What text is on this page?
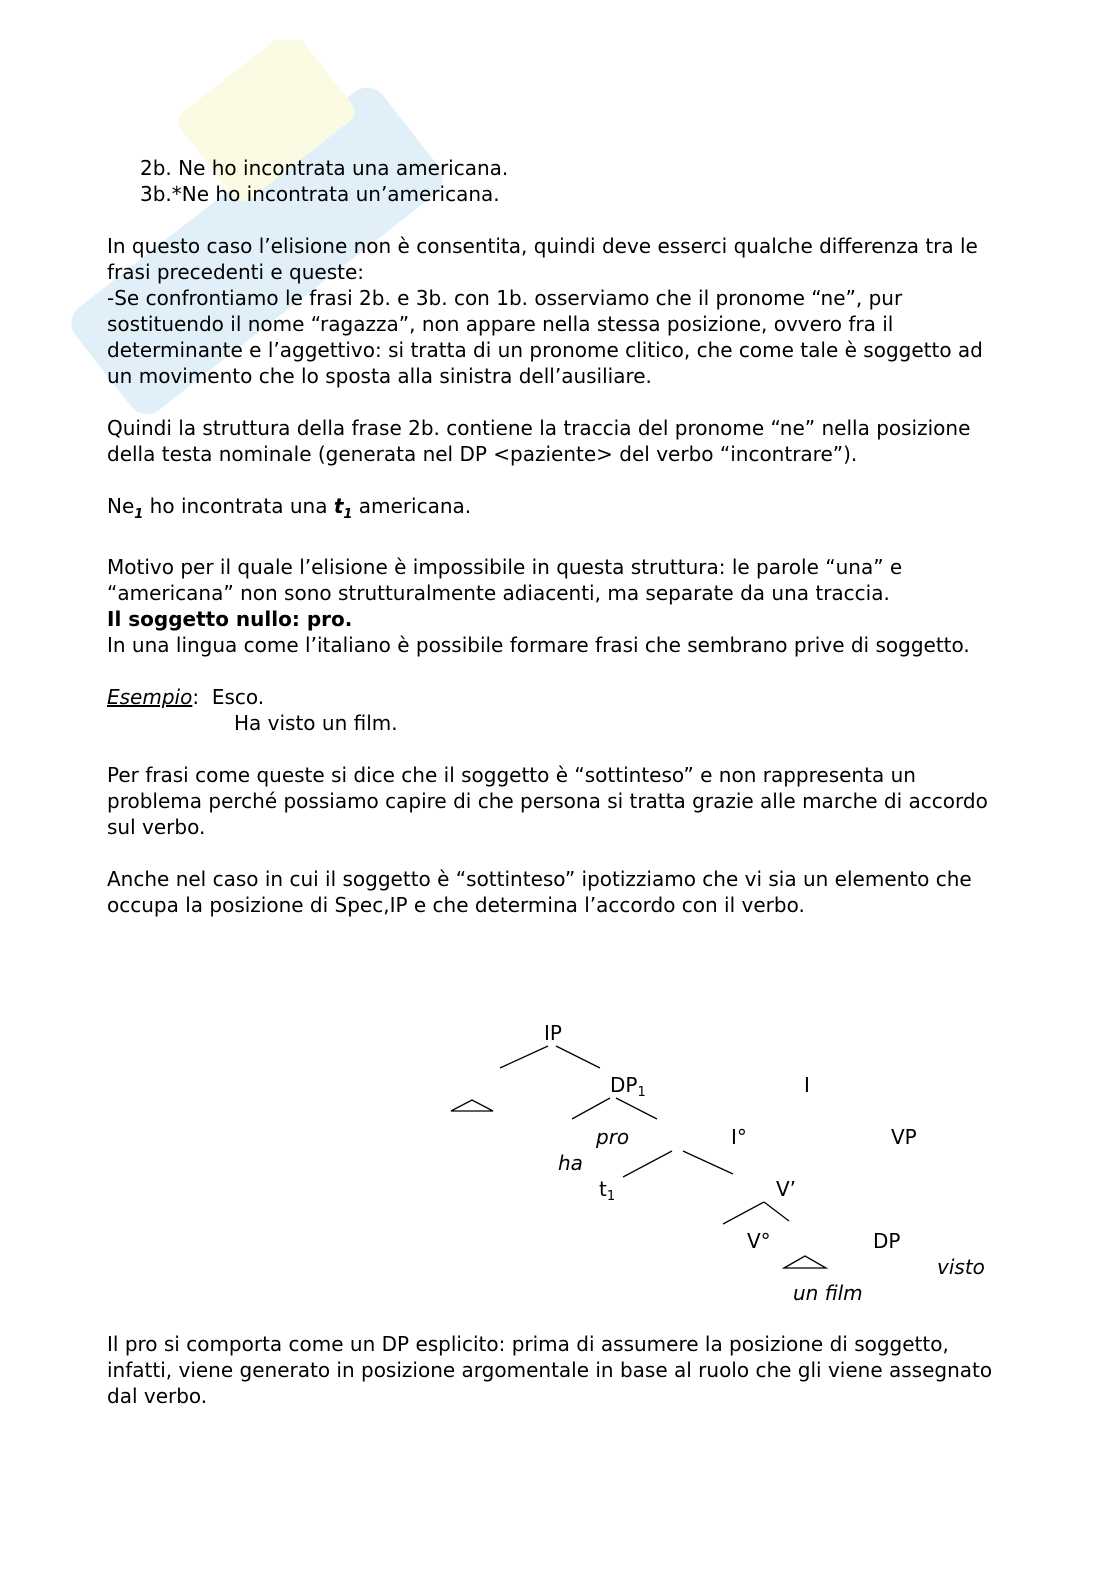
2b. Ne ho incontrata una americana.

3b.*Ne ho incontrata un’americana.

In questo caso l’elisione non è consentita, quindi deve esserci qualche differenza tra le frasi precedenti e queste:

-Se confrontiamo le frasi 2b. e 3b. con 1b. osserviamo che il pronome “ne”, pur sostituendo il nome “ragazza”, non appare nella stessa posizione, ovvero fra il determinante e l’aggettivo: si tratta di un pronome clitico, che come tale è soggetto ad un movimento che lo sposta alla sinistra dell’ausiliare.

Quindi la struttura della frase 2b. contiene la traccia del pronome “ne” nella posizione della testa nominale (generata nel DP <paziente> del verbo “incontrare”).

$Ne_1$ ho incontrata una $t_1$ americana.

Motivo per il quale l’elisione è impossibile in questa struttura: le parole “una” e “americana” non sono strutturalmente adiacenti, ma separate da una traccia.

Il soggetto nullo: pro.

In una lingua come l’italiano è possibile formare frasi che sembrano prive di soggetto.

Esempio: Esco.

Ha visto un film.

Per frasi come queste si dice che il soggetto è “sottinteso” e non rappresenta un problema perché possiamo capire di che persona si tratta grazie alle marche di accordo sul verbo.

Anche nel caso in cui il soggetto è “sottinteso” ipotizziamo che vi sia un elemento che occupa la posizione di Spec,IP e che determina l’accordo con il verbo.

IP
$DP_1$	I
pro	I°	VP
ha
$t_1$	V’
V°	DP
visto
un film

Il pro si comporta come un DP esplicito: prima di assumere la posizione di soggetto, infatti, viene generato in posizione argomentale in base al ruolo che gli viene assegnato dal verbo.
